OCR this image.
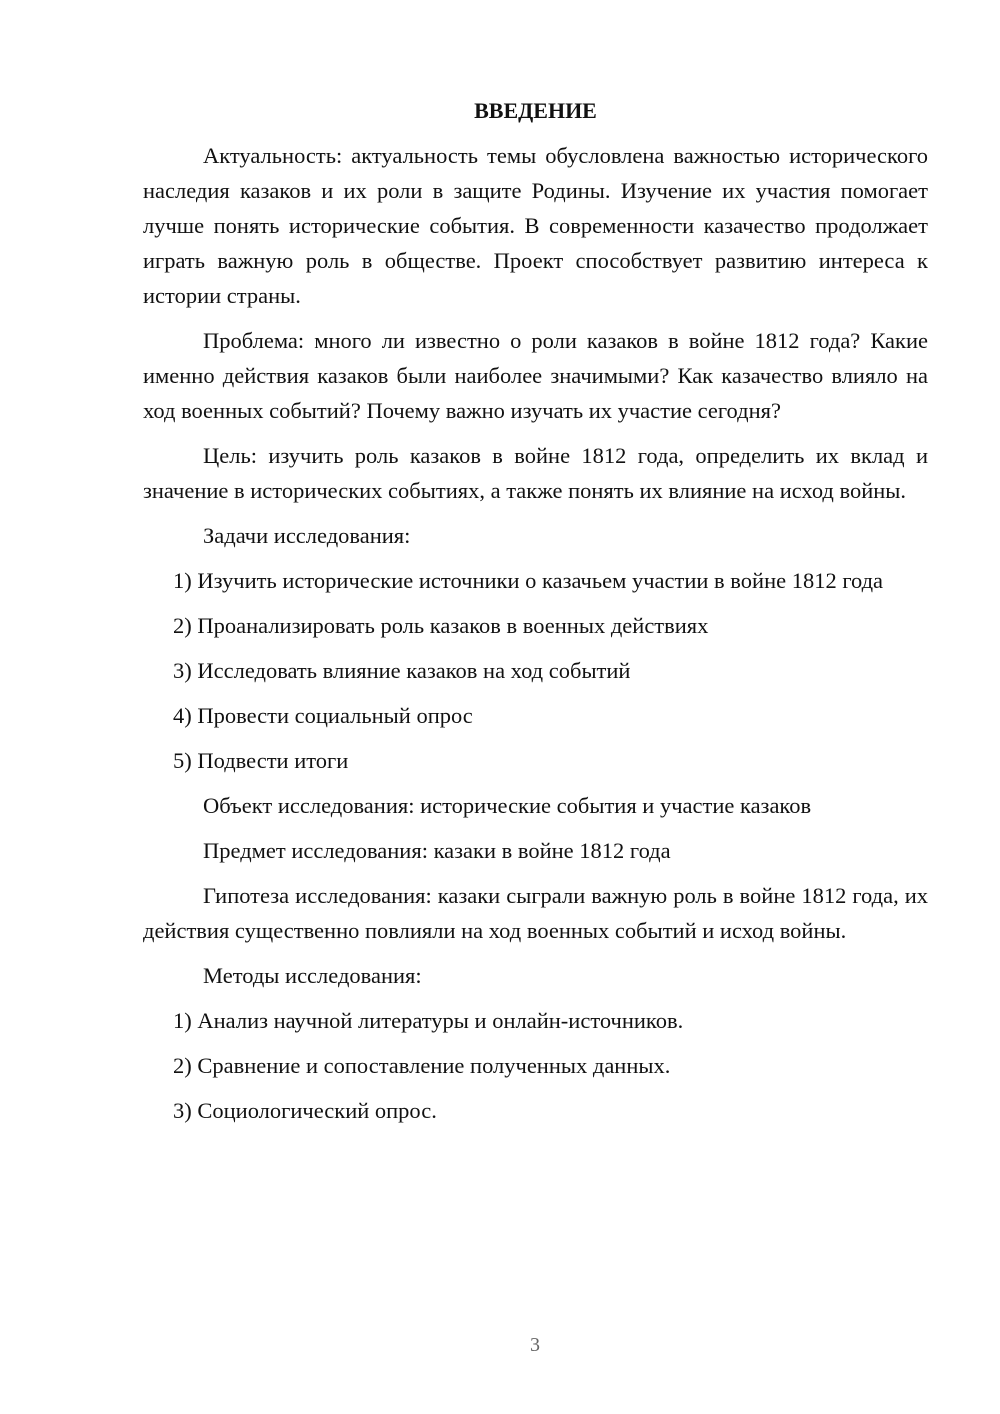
ВВЕДЕНИЕ
Актуальность: актуальность темы обусловлена важностью исторического наследия казаков и их роли в защите Родины. Изучение их участия помогает лучше понять исторические события. В современности казачество продолжает играть важную роль в обществе. Проект способствует развитию интереса к истории страны.
Проблема: много ли известно о роли казаков в войне 1812 года? Какие именно действия казаков были наиболее значимыми? Как казачество влияло на ход военных событий? Почему важно изучать их участие сегодня?
Цель: изучить роль казаков в войне 1812 года, определить их вклад и значение в исторических событиях, а также понять их влияние на исход войны.
Задачи исследования:
1) Изучить исторические источники о казачьем участии в войне 1812 года
2) Проанализировать роль казаков в военных действиях
3) Исследовать влияние казаков на ход событий
4) Провести социальный опрос
5) Подвести итоги
Объект исследования: исторические события и участие казаков
Предмет исследования: казаки в войне 1812 года
Гипотеза исследования: казаки сыграли важную роль в войне 1812 года, их действия существенно повлияли на ход военных событий и исход войны.
Методы исследования:
1) Анализ научной литературы и онлайн-источников.
2) Сравнение и сопоставление полученных данных.
3) Социологический опрос.
3
